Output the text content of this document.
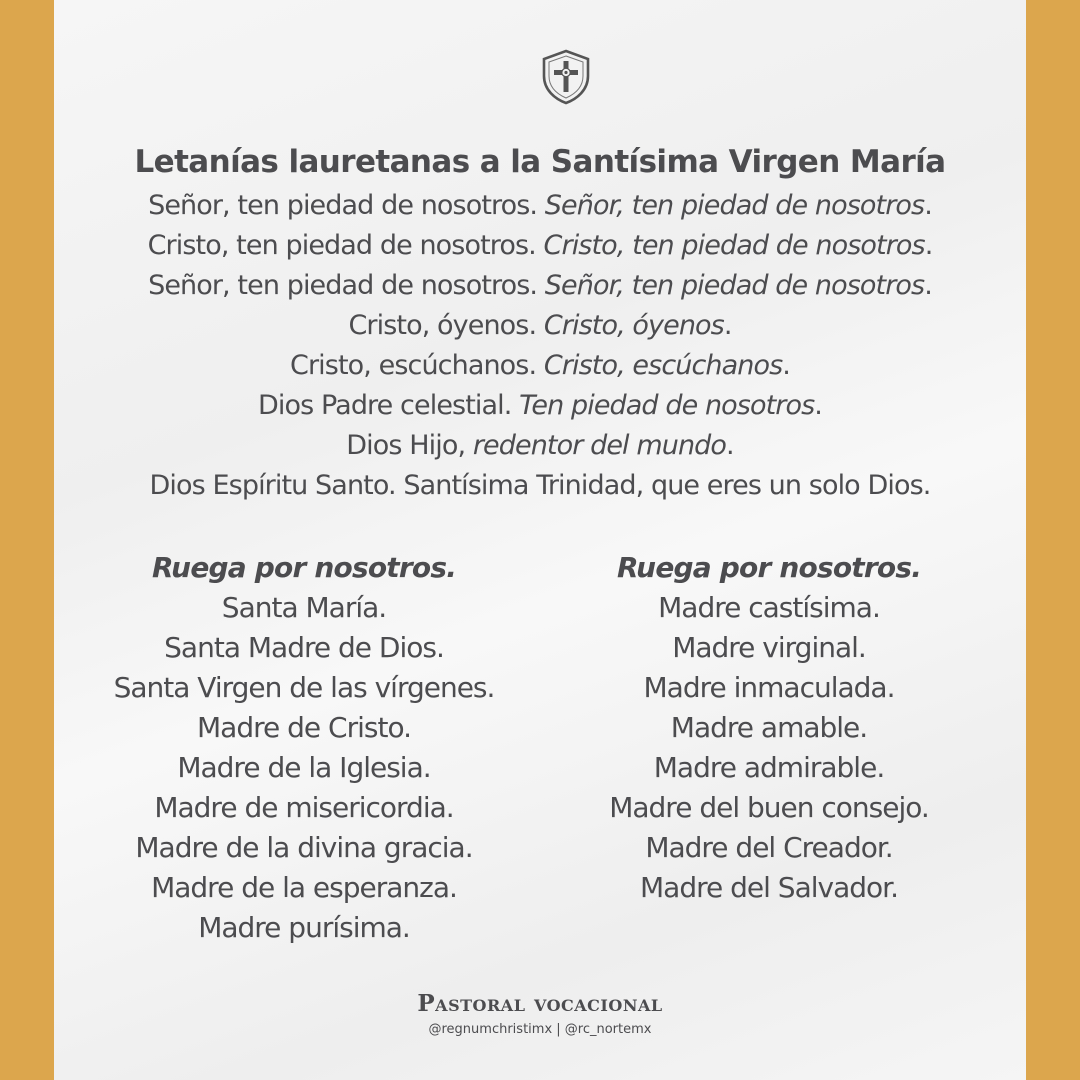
Letanías lauretanas a la Santísima Virgen María
Señor, ten piedad de nosotros. Señor, ten piedad de nosotros.
Cristo, ten piedad de nosotros. Cristo, ten piedad de nosotros.
Señor, ten piedad de nosotros. Señor, ten piedad de nosotros.
Cristo, óyenos. Cristo, óyenos.
Cristo, escúchanos. Cristo, escúchanos.
Dios Padre celestial. Ten piedad de nosotros.
Dios Hijo, redentor del mundo.
Dios Espíritu Santo. Santísima Trinidad, que eres un solo Dios.
Ruega por nosotros.
Santa María.
Santa Madre de Dios.
Santa Virgen de las vírgenes.
Madre de Cristo.
Madre de la Iglesia.
Madre de misericordia.
Madre de la divina gracia.
Madre de la esperanza.
Madre purísima.
Ruega por nosotros.
Madre castísima.
Madre virginal.
Madre inmaculada.
Madre amable.
Madre admirable.
Madre del buen consejo.
Madre del Creador.
Madre del Salvador.
Pastoral vocacional
@regnumchristimx | @rc_nortemx
